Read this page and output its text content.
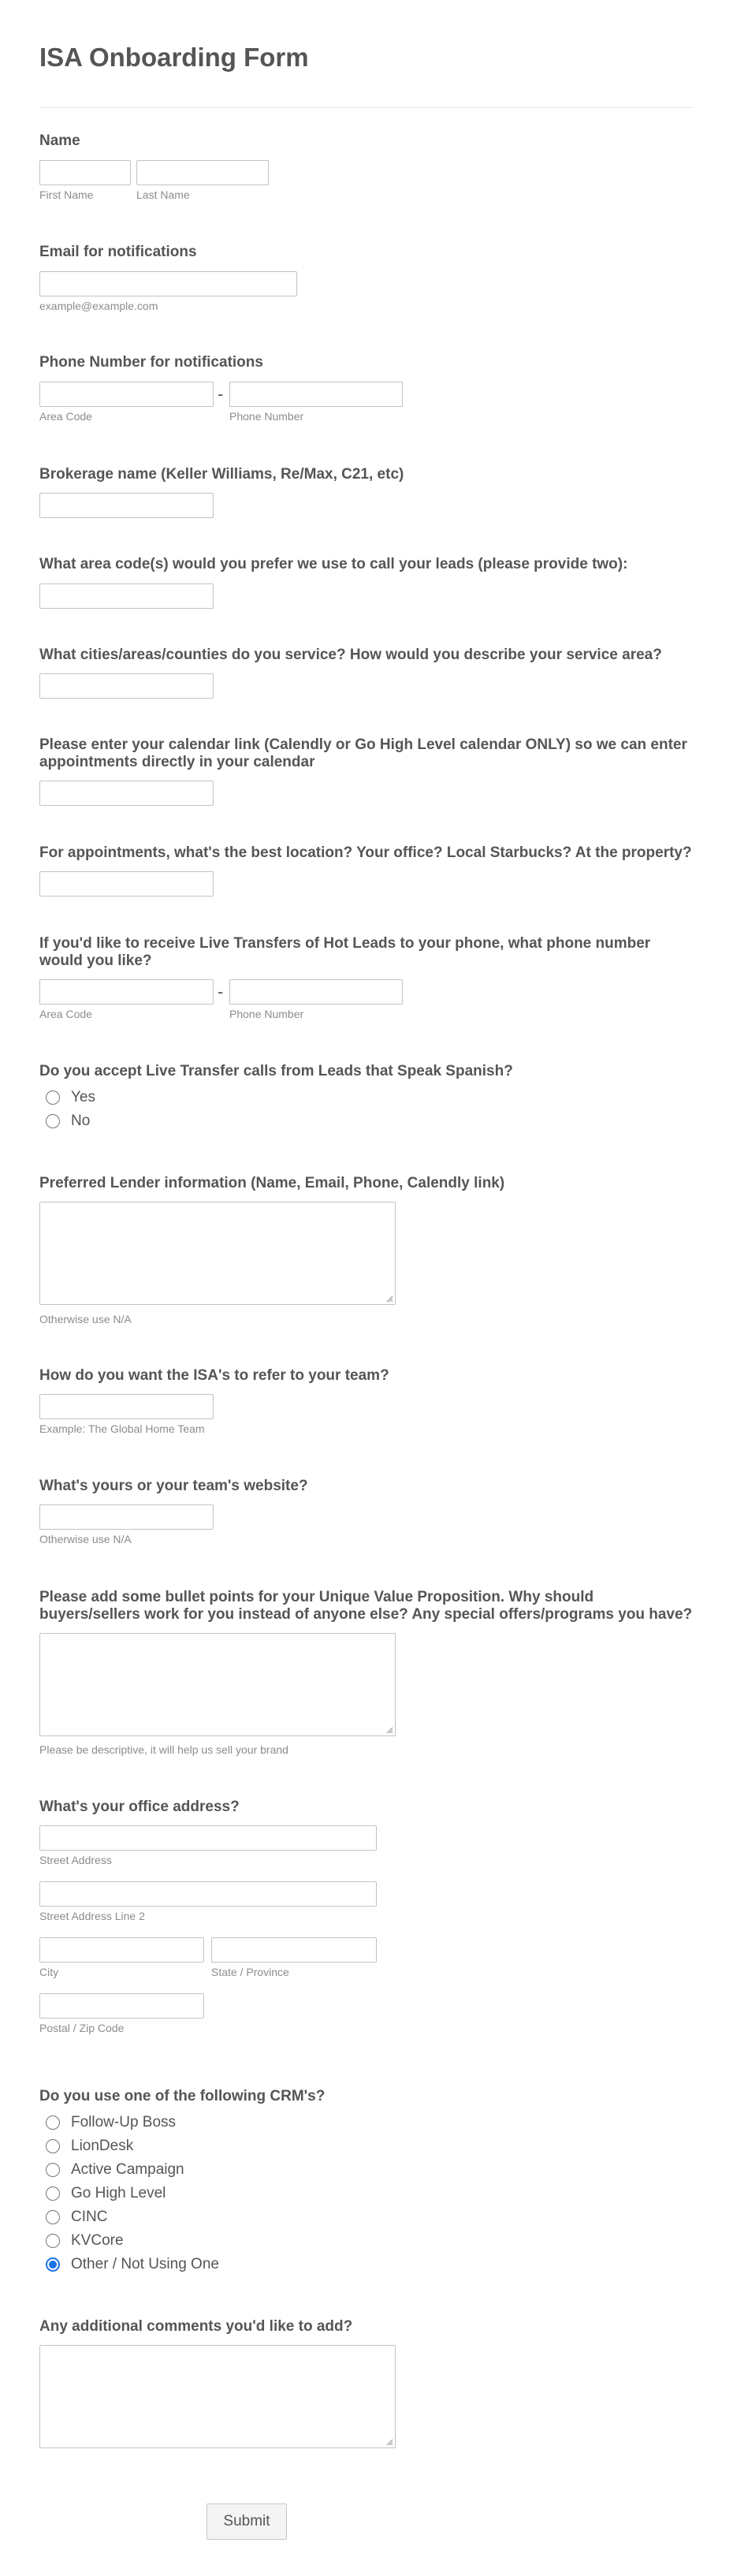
ISA Onboarding Form
Name
First Name	Last Name
Email for notifications
example@example.com
Phone Number for notifications
-
Area Code	Phone Number
Brokerage name (Keller Williams, Re/Max, C21, etc)
What area code(s) would you prefer we use to call your leads (please provide two):
What cities/areas/counties do you service? How would you describe your service area?
Please enter your calendar link (Calendly or Go High Level calendar ONLY) so we can enter appointments directly in your calendar
For appointments, what's the best location? Your office? Local Starbucks? At the property?
If you'd like to receive Live Transfers of Hot Leads to your phone, what phone number would you like?
-
Area Code	Phone Number
Do you accept Live Transfer calls from Leads that Speak Spanish?
Yes
No
Preferred Lender information (Name, Email, Phone, Calendly link)
Otherwise use N/A
How do you want the ISA's to refer to your team?
Example: The Global Home Team
What's yours or your team's website?
Otherwise use N/A
Please add some bullet points for your Unique Value Proposition. Why should buyers/sellers work for you instead of anyone else? Any special offers/programs you have?
Please be descriptive, it will help us sell your brand
What's your office address?
Street Address
Street Address Line 2
City	State / Province
Postal / Zip Code
Do you use one of the following CRM's?
Follow-Up Boss
LionDesk
Active Campaign
Go High Level
CINC
KVCore
Other / Not Using One
Any additional comments you'd like to add?
Submit
